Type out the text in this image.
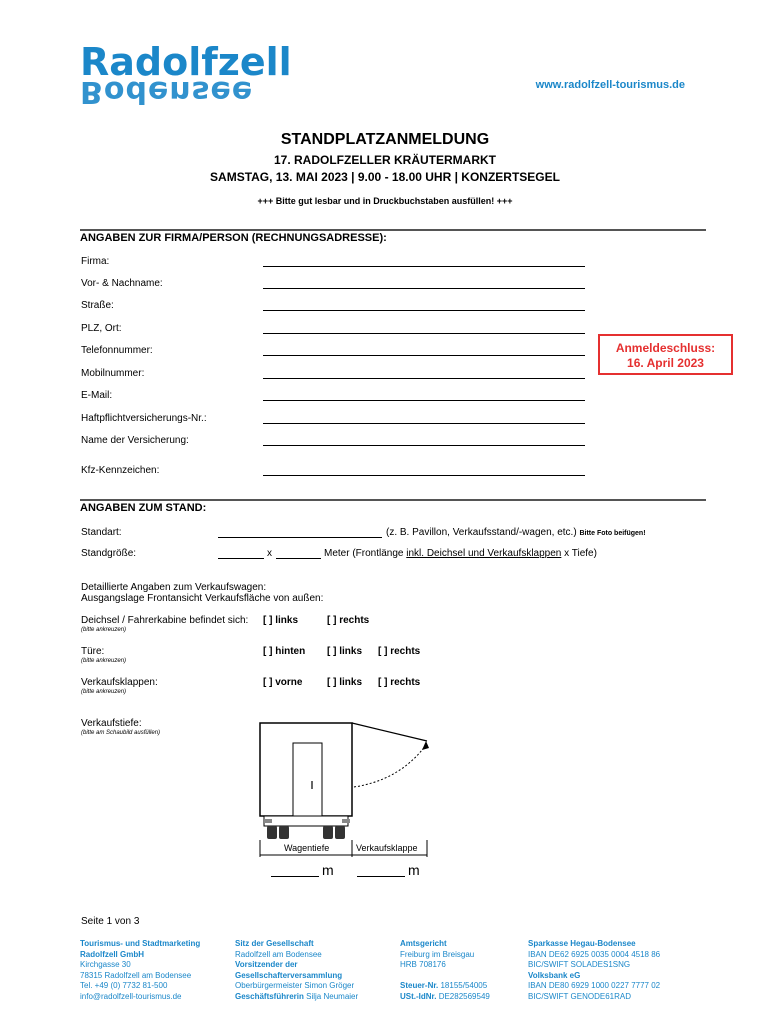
Radolfzell
Bodensee	www.radolfzell-tourismus.de
STANDPLATZANMELDUNG
17. RADOLFZELLER KRÄUTERMARKT
SAMSTAG, 13. MAI 2023 | 9.00 - 18.00 UHR | KONZERTSEGEL
+++ Bitte gut lesbar und in Druckbuchstaben ausfüllen! +++
ANGABEN ZUR FIRMA/PERSON (RECHNUNGSADRESSE):
Firma:
Vor- & Nachname:
Straße:
PLZ, Ort:
Telefonnummer:
Mobilnummer:
E-Mail:
Haftpflichtversicherungs-Nr.:
Name der Versicherung:
Kfz-Kennzeichen:
Anmeldeschluss:
16. April 2023
ANGABEN ZUM STAND:
Standart:	(z. B. Pavillon, Verkaufsstand/-wagen, etc.) Bitte Foto beifügen!
Standgröße:	x	Meter (Frontlänge inkl. Deichsel und Verkaufsklappen x Tiefe)
Detaillierte Angaben zum Verkaufswagen:
Ausgangslage Frontansicht Verkaufsfläche von außen:
Deichsel / Fahrerkabine befindet sich:
(bitte ankreuzen)
[ ] links	[ ] rechts
Türe:
(bitte ankreuzen)
[ ] hinten [ ] links [ ] rechts
Verkaufsklappen:
(bitte ankreuzen)
[ ] vorne [ ] links [ ] rechts
Verkaufstiefe:
(bitte am Schaubild ausfüllen)
Wagentiefe	Verkaufsklappe
m	m
Seite 1 von 3
Tourismus- und Stadtmarketing
Radolfzell GmbH
Kirchgasse 30
78315 Radolfzell am Bodensee
Tel. +49 (0) 7732 81-500
info@radolfzell-tourismus.de
Sitz der Gesellschaft
Radolfzell am Bodensee
Vorsitzender der Gesellschafterversammlung
Oberbürgermeister Simon Gröger
Geschäftsführerin Silja Neumaier
Amtsgericht
Freiburg im Breisgau
HRB 708176

Steuer-Nr. 18155/54005
USt.-IdNr. DE282569549
Sparkasse Hegau-Bodensee
IBAN DE62 6925 0035 0004 4518 86
BIC/SWIFT SOLADES1SNG
Volksbank eG
IBAN DE80 6929 1000 0227 7777 02
BIC/SWIFT GENODE61RAD
